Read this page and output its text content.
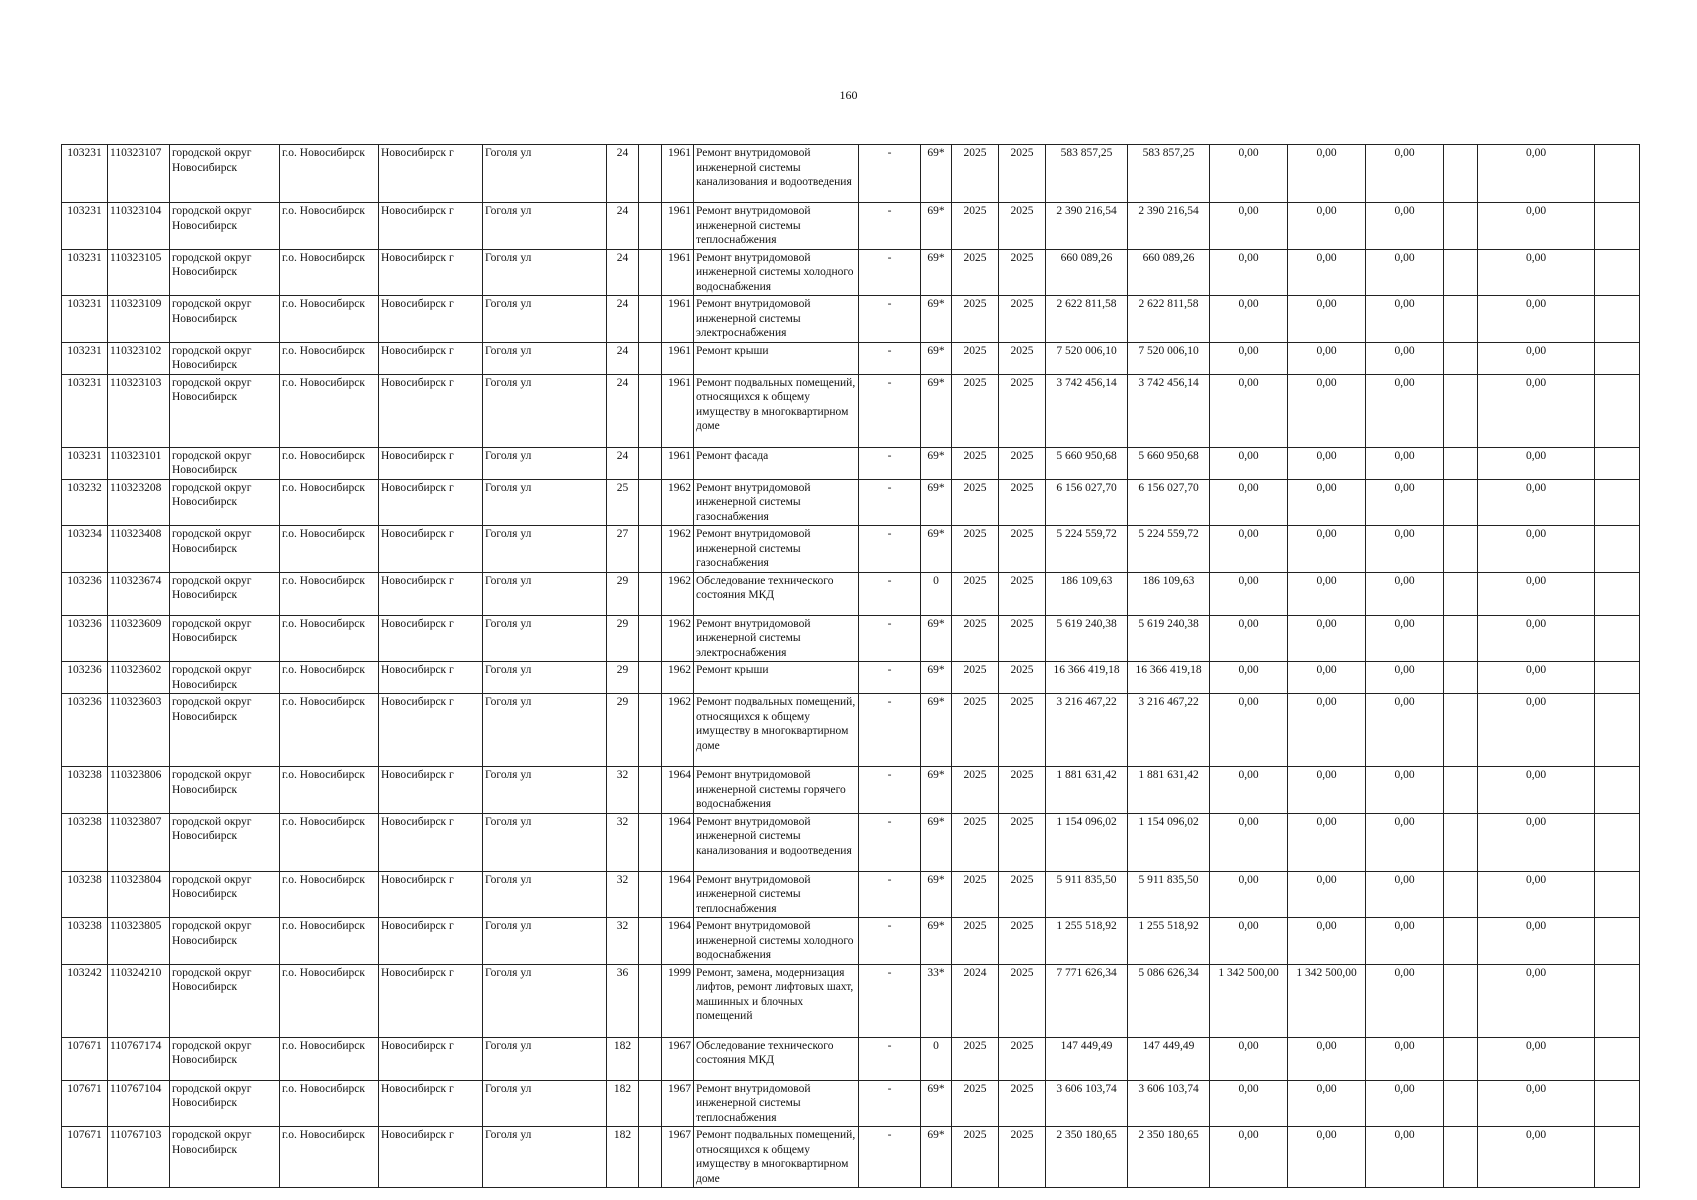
160
103231	110323107	городской округ Новосибирск	г.о. Новосибирск	Новосибирск г	Гоголя ул	24		1961	Ремонт внутридомовой инженерной системы канализования и водоотведения	-	69*	2025	2025	583 857,25	583 857,25	0,00	0,00	0,00		0,00	
103231	110323104	городской округ Новосибирск	г.о. Новосибирск	Новосибирск г	Гоголя ул	24		1961	Ремонт внутридомовой инженерной системы теплоснабжения	-	69*	2025	2025	2 390 216,54	2 390 216,54	0,00	0,00	0,00		0,00	
103231	110323105	городской округ Новосибирск	г.о. Новосибирск	Новосибирск г	Гоголя ул	24		1961	Ремонт внутридомовой инженерной системы холодного водоснабжения	-	69*	2025	2025	660 089,26	660 089,26	0,00	0,00	0,00		0,00	
103231	110323109	городской округ Новосибирск	г.о. Новосибирск	Новосибирск г	Гоголя ул	24		1961	Ремонт внутридомовой инженерной системы электроснабжения	-	69*	2025	2025	2 622 811,58	2 622 811,58	0,00	0,00	0,00		0,00	
103231	110323102	городской округ Новосибирск	г.о. Новосибирск	Новосибирск г	Гоголя ул	24		1961	Ремонт крыши	-	69*	2025	2025	7 520 006,10	7 520 006,10	0,00	0,00	0,00		0,00	
103231	110323103	городской округ Новосибирск	г.о. Новосибирск	Новосибирск г	Гоголя ул	24		1961	Ремонт подвальных помещений, относящихся к общему имуществу в многоквартирном доме	-	69*	2025	2025	3 742 456,14	3 742 456,14	0,00	0,00	0,00		0,00	
103231	110323101	городской округ Новосибирск	г.о. Новосибирск	Новосибирск г	Гоголя ул	24		1961	Ремонт фасада	-	69*	2025	2025	5 660 950,68	5 660 950,68	0,00	0,00	0,00		0,00	
103232	110323208	городской округ Новосибирск	г.о. Новосибирск	Новосибирск г	Гоголя ул	25		1962	Ремонт внутридомовой инженерной системы газоснабжения	-	69*	2025	2025	6 156 027,70	6 156 027,70	0,00	0,00	0,00		0,00	
103234	110323408	городской округ Новосибирск	г.о. Новосибирск	Новосибирск г	Гоголя ул	27		1962	Ремонт внутридомовой инженерной системы газоснабжения	-	69*	2025	2025	5 224 559,72	5 224 559,72	0,00	0,00	0,00		0,00	
103236	110323674	городской округ Новосибирск	г.о. Новосибирск	Новосибирск г	Гоголя ул	29		1962	Обследование технического состояния МКД	-	0	2025	2025	186 109,63	186 109,63	0,00	0,00	0,00		0,00	
103236	110323609	городской округ Новосибирск	г.о. Новосибирск	Новосибирск г	Гоголя ул	29		1962	Ремонт внутридомовой инженерной системы электроснабжения	-	69*	2025	2025	5 619 240,38	5 619 240,38	0,00	0,00	0,00		0,00	
103236	110323602	городской округ Новосибирск	г.о. Новосибирск	Новосибирск г	Гоголя ул	29		1962	Ремонт крыши	-	69*	2025	2025	16 366 419,18	16 366 419,18	0,00	0,00	0,00		0,00	
103236	110323603	городской округ Новосибирск	г.о. Новосибирск	Новосибирск г	Гоголя ул	29		1962	Ремонт подвальных помещений, относящихся к общему имуществу в многоквартирном доме	-	69*	2025	2025	3 216 467,22	3 216 467,22	0,00	0,00	0,00		0,00	
103238	110323806	городской округ Новосибирск	г.о. Новосибирск	Новосибирск г	Гоголя ул	32		1964	Ремонт внутридомовой инженерной системы горячего водоснабжения	-	69*	2025	2025	1 881 631,42	1 881 631,42	0,00	0,00	0,00		0,00	
103238	110323807	городской округ Новосибирск	г.о. Новосибирск	Новосибирск г	Гоголя ул	32		1964	Ремонт внутридомовой инженерной системы канализования и водоотведения	-	69*	2025	2025	1 154 096,02	1 154 096,02	0,00	0,00	0,00		0,00	
103238	110323804	городской округ Новосибирск	г.о. Новосибирск	Новосибирск г	Гоголя ул	32		1964	Ремонт внутридомовой инженерной системы теплоснабжения	-	69*	2025	2025	5 911 835,50	5 911 835,50	0,00	0,00	0,00		0,00	
103238	110323805	городской округ Новосибирск	г.о. Новосибирск	Новосибирск г	Гоголя ул	32		1964	Ремонт внутридомовой инженерной системы холодного водоснабжения	-	69*	2025	2025	1 255 518,92	1 255 518,92	0,00	0,00	0,00		0,00	
103242	110324210	городской округ Новосибирск	г.о. Новосибирск	Новосибирск г	Гоголя ул	36		1999	Ремонт, замена, модернизация лифтов, ремонт лифтовых шахт, машинных и блочных помещений	-	33*	2024	2025	7 771 626,34	5 086 626,34	1 342 500,00	1 342 500,00	0,00		0,00	
107671	110767174	городской округ Новосибирск	г.о. Новосибирск	Новосибирск г	Гоголя ул	182		1967	Обследование технического состояния МКД	-	0	2025	2025	147 449,49	147 449,49	0,00	0,00	0,00		0,00	
107671	110767104	городской округ Новосибирск	г.о. Новосибирск	Новосибирск г	Гоголя ул	182		1967	Ремонт внутридомовой инженерной системы теплоснабжения	-	69*	2025	2025	3 606 103,74	3 606 103,74	0,00	0,00	0,00		0,00	
107671	110767103	городской округ Новосибирск	г.о. Новосибирск	Новосибирск г	Гоголя ул	182		1967	Ремонт подвальных помещений, относящихся к общему имуществу в многоквартирном доме	-	69*	2025	2025	2 350 180,65	2 350 180,65	0,00	0,00	0,00		0,00	
